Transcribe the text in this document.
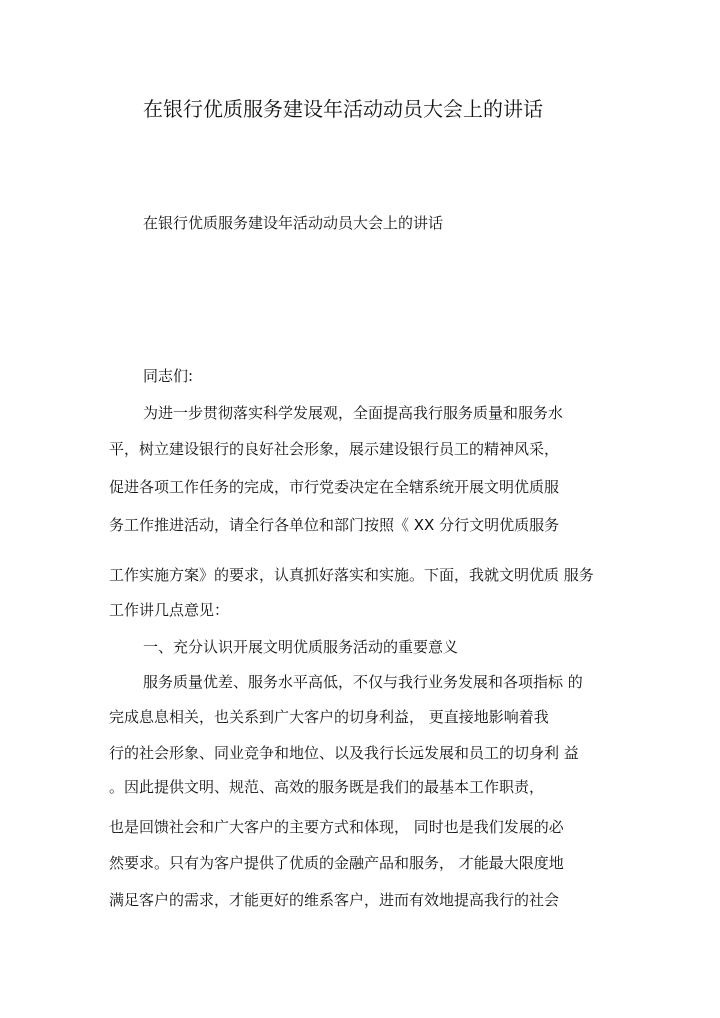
在银行优质服务建设年活动动员大会上的讲话
在银行优质服务建设年活动动员大会上的讲话
同志们:
为进一步贯彻落实科学发展观，全面提高我行服务质量和服务水
平，树立建设银行的良好社会形象，展示建设银行员工的精神风采，
促进各项工作任务的完成，市行党委决定在全辖系统开展文明优质服
务工作推进活动，请全行各单位和部门按照《 XX 分行文明优质服务
工作实施方案》的要求，认真抓好落实和实施。下面，我就文明优质 服务
工作讲几点意见：
一、充分认识开展文明优质服务活动的重要意义
服务质量优差、服务水平高低，不仅与我行业务发展和各项指标 的
完成息息相关，也关系到广大客户的切身利益， 更直接地影响着我
行的社会形象、同业竞争和地位、以及我行长远发展和员工的切身利 益
。因此提供文明、规范、高效的服务既是我们的最基本工作职责，
也是回馈社会和广大客户的主要方式和体现， 同时也是我们发展的必
然要求。只有为客户提供了优质的金融产品和服务， 才能最大限度地
满足客户的需求，才能更好的维系客户，进而有效地提高我行的社会
